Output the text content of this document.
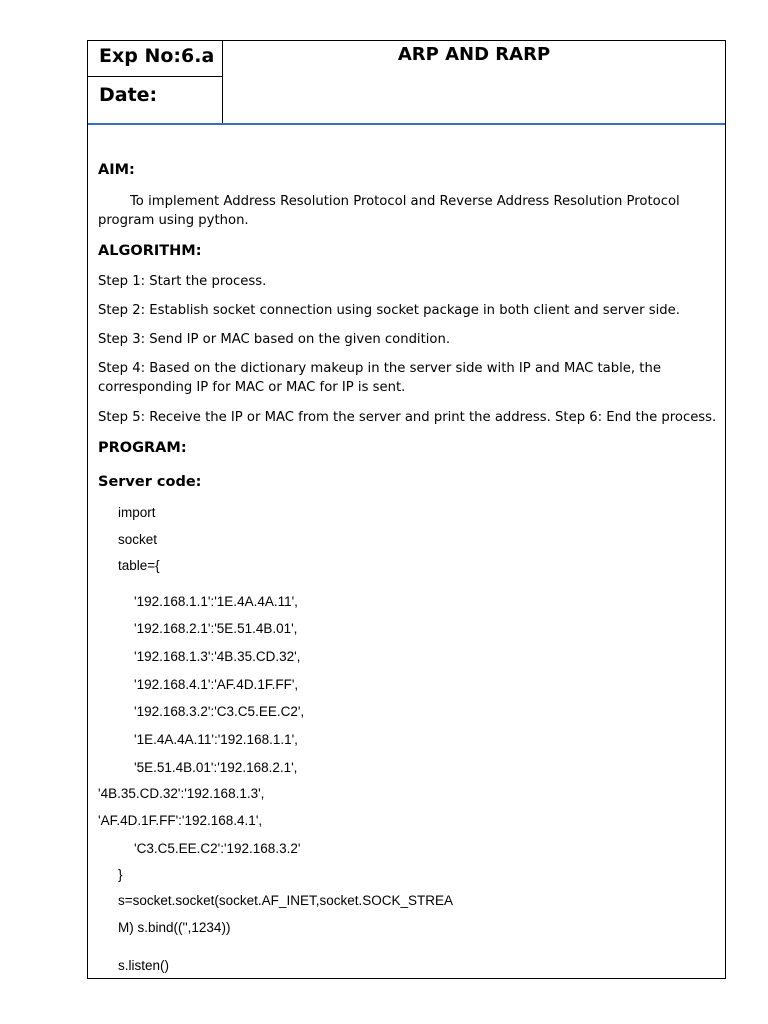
Exp No:6.a
Date:
ARP AND RARP
AIM:
To implement Address Resolution Protocol and Reverse Address Resolution Protocol program using python.
ALGORITHM:
Step 1: Start the process.
Step 2: Establish socket connection using socket package in both client and server side.
Step 3: Send IP or MAC based on the given condition.
Step 4: Based on the dictionary makeup in the server side with IP and MAC table, the corresponding IP for MAC or MAC for IP is sent.
Step 5: Receive the IP or MAC from the server and print the address. Step 6: End the process.
PROGRAM:
Server code:
import
socket
table={
'192.168.1.1':'1E.4A.4A.11',
'192.168.2.1':'5E.51.4B.01',
'192.168.1.3':'4B.35.CD.32',
'192.168.4.1':'AF.4D.1F.FF',
'192.168.3.2':'C3.C5.EE.C2',
'1E.4A.4A.11':'192.168.1.1',
'5E.51.4B.01':'192.168.2.1',
'4B.35.CD.32':'192.168.1.3',
'AF.4D.1F.FF':'192.168.4.1',
'C3.C5.EE.C2':'192.168.3.2'
}
s=socket.socket(socket.AF_INET,socket.SOCK_STREA
M) s.bind(('',1234))
s.listen()
